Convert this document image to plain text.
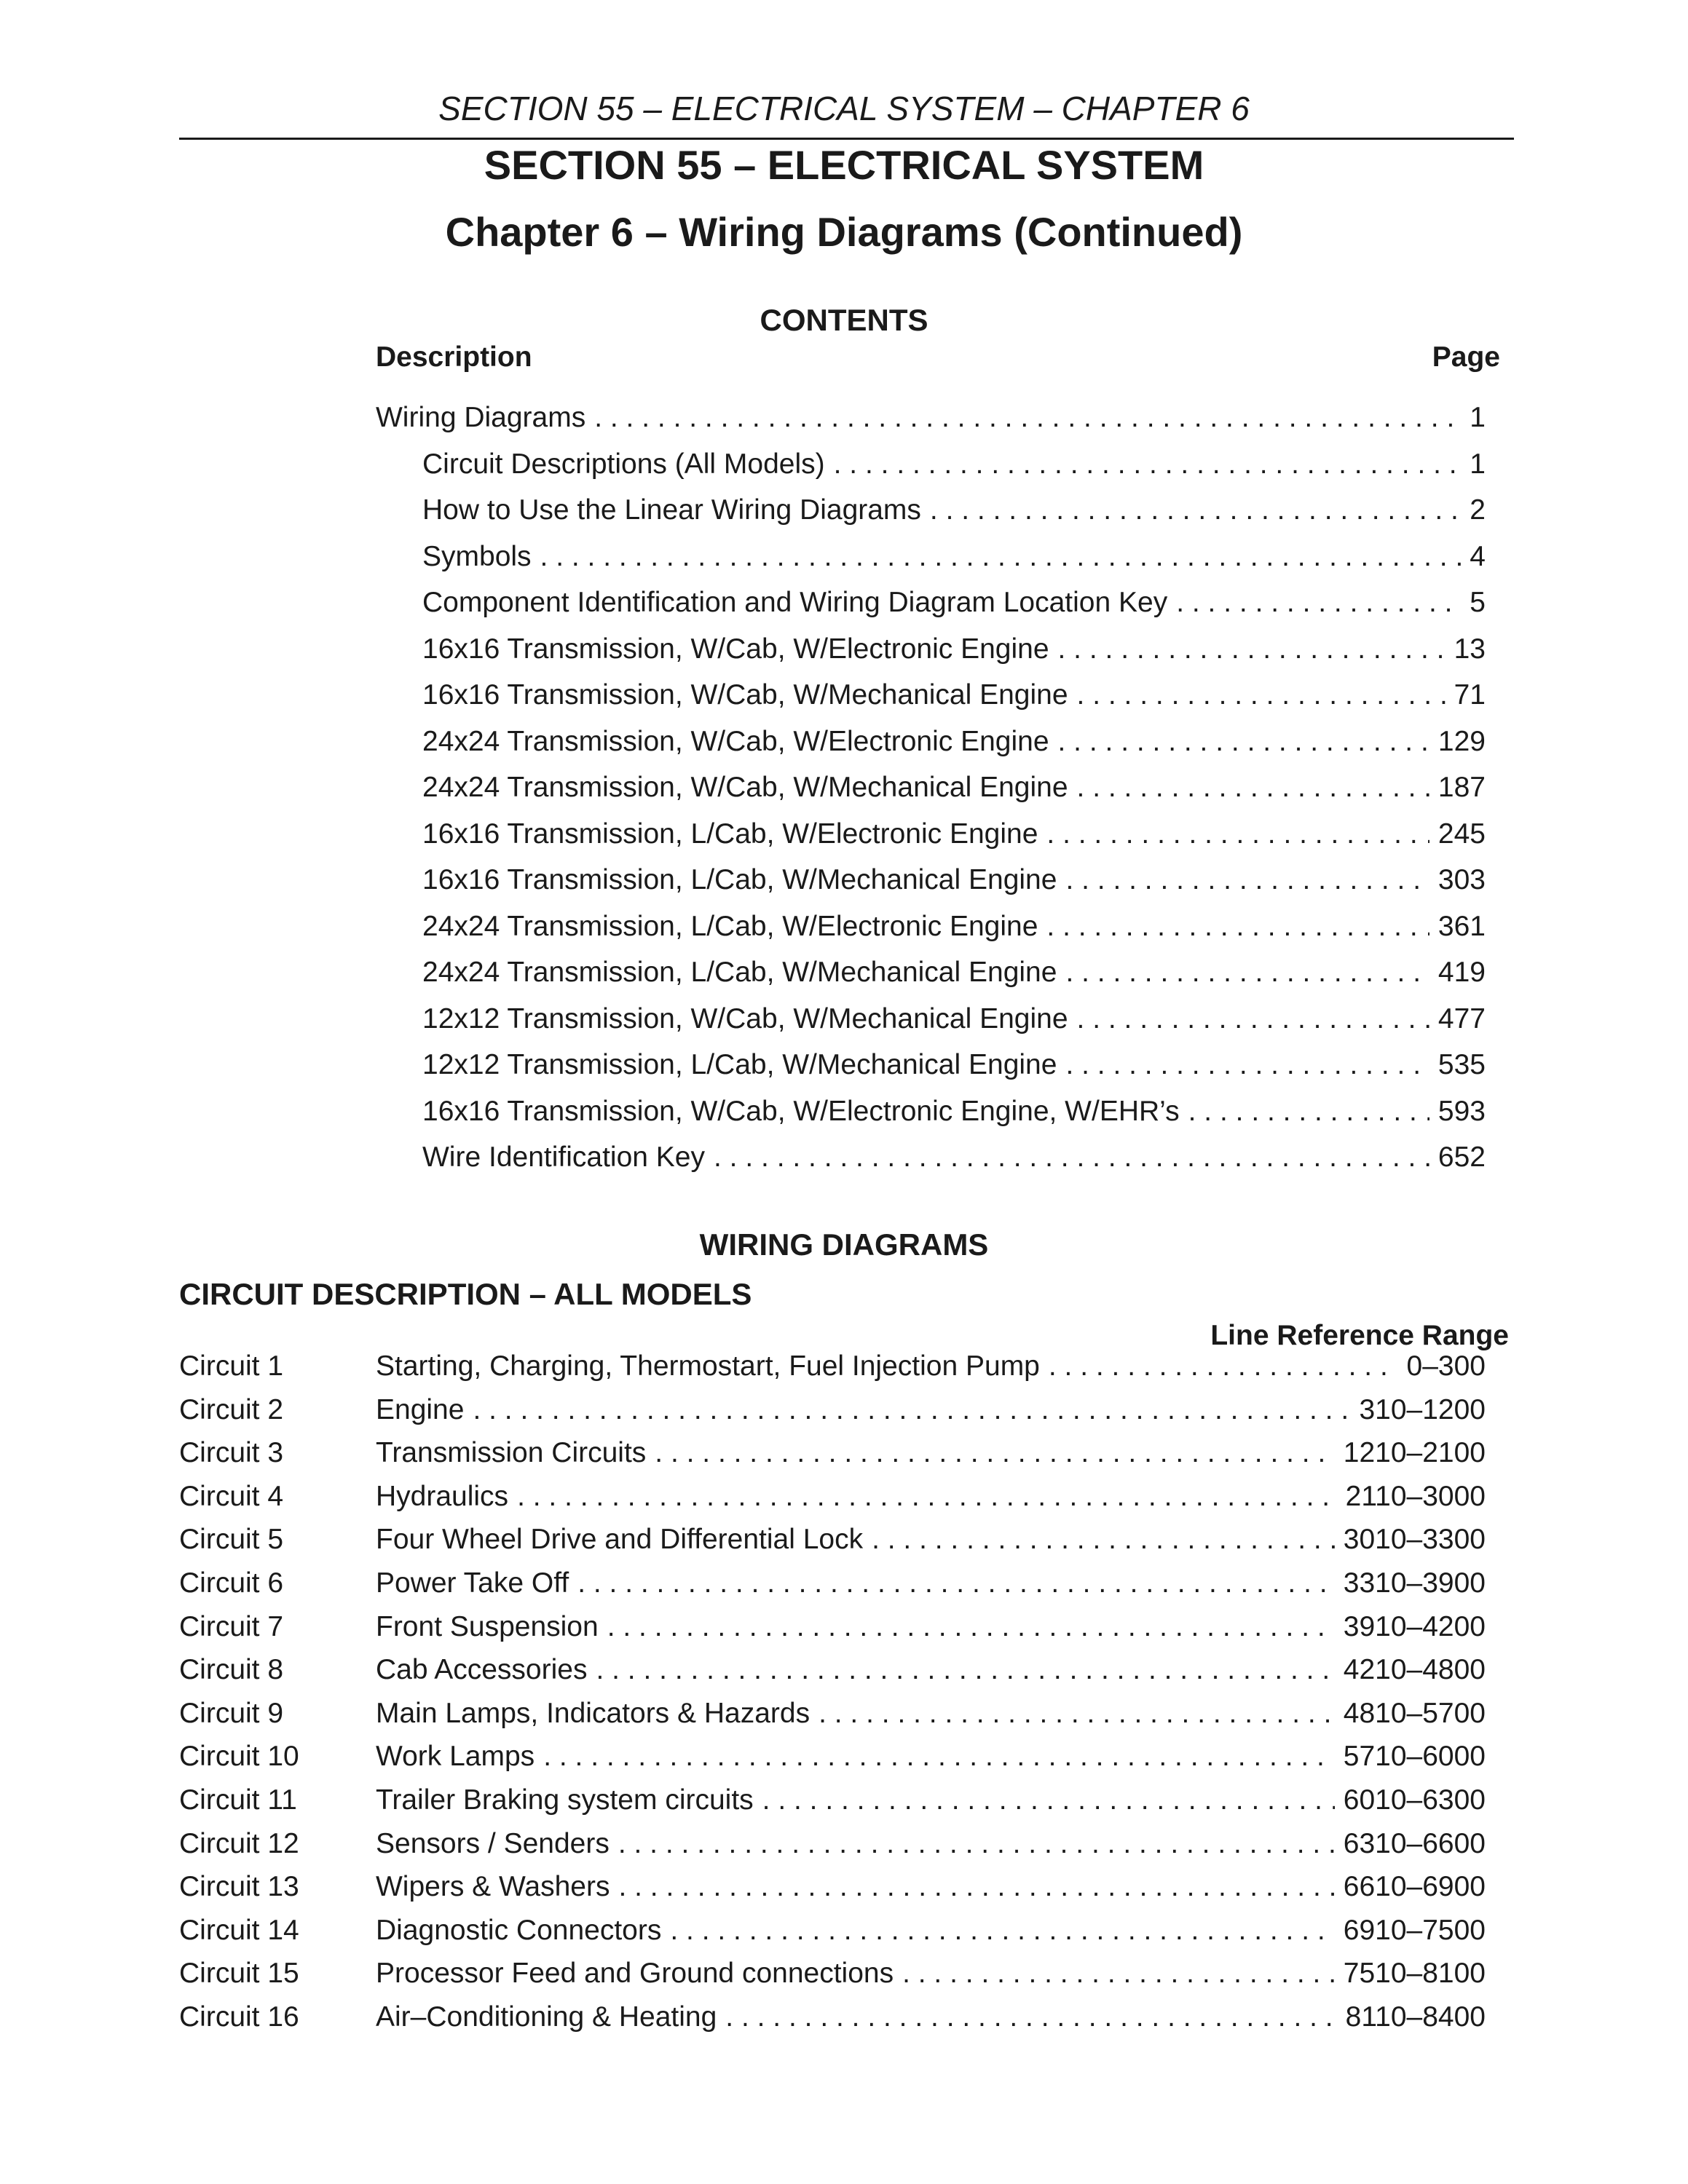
SECTION 55 – ELECTRICAL SYSTEM – CHAPTER 6
SECTION 55 – ELECTRICAL SYSTEM
Chapter 6 – Wiring Diagrams (Continued)
CONTENTS
Description	Page
Wiring Diagrams . . .	1
Circuit Descriptions (All Models) . . .	1
How to Use the Linear Wiring Diagrams . . .	2
Symbols . . .	4
Component Identification and Wiring Diagram Location Key . . .	5
16x16 Transmission, W/Cab, W/Electronic Engine . . .	13
16x16 Transmission, W/Cab, W/Mechanical Engine . . .	71
24x24 Transmission, W/Cab, W/Electronic Engine . . .	129
24x24 Transmission, W/Cab, W/Mechanical Engine . . .	187
16x16 Transmission, L/Cab, W/Electronic Engine . . .	245
16x16 Transmission, L/Cab, W/Mechanical Engine . . .	303
24x24 Transmission, L/Cab, W/Electronic Engine . . .	361
24x24 Transmission, L/Cab, W/Mechanical Engine . . .	419
12x12 Transmission, W/Cab, W/Mechanical Engine . . .	477
12x12 Transmission, L/Cab, W/Mechanical Engine . . .	535
16x16 Transmission, W/Cab, W/Electronic Engine, W/EHR’s . . .	593
Wire Identification Key . . .	652
WIRING DIAGRAMS
CIRCUIT DESCRIPTION – ALL MODELS
Line Reference Range
Circuit 1	Starting, Charging, Thermostart, Fuel Injection Pump . . .	0–300
Circuit 2	Engine . . .	310–1200
Circuit 3	Transmission Circuits . . .	1210–2100
Circuit 4	Hydraulics . . .	2110–3000
Circuit 5	Four Wheel Drive and Differential Lock . . .	3010–3300
Circuit 6	Power Take Off . . .	3310–3900
Circuit 7	Front Suspension . . .	3910–4200
Circuit 8	Cab Accessories . . .	4210–4800
Circuit 9	Main Lamps, Indicators & Hazards . . .	4810–5700
Circuit 10	Work Lamps . . .	5710–6000
Circuit 11	Trailer Braking system circuits . . .	6010–6300
Circuit 12	Sensors / Senders . . .	6310–6600
Circuit 13	Wipers & Washers . . .	6610–6900
Circuit 14	Diagnostic Connectors . . .	6910–7500
Circuit 15	Processor Feed and Ground connections . . .	7510–8100
Circuit 16	Air–Conditioning & Heating . . .	8110–8400
